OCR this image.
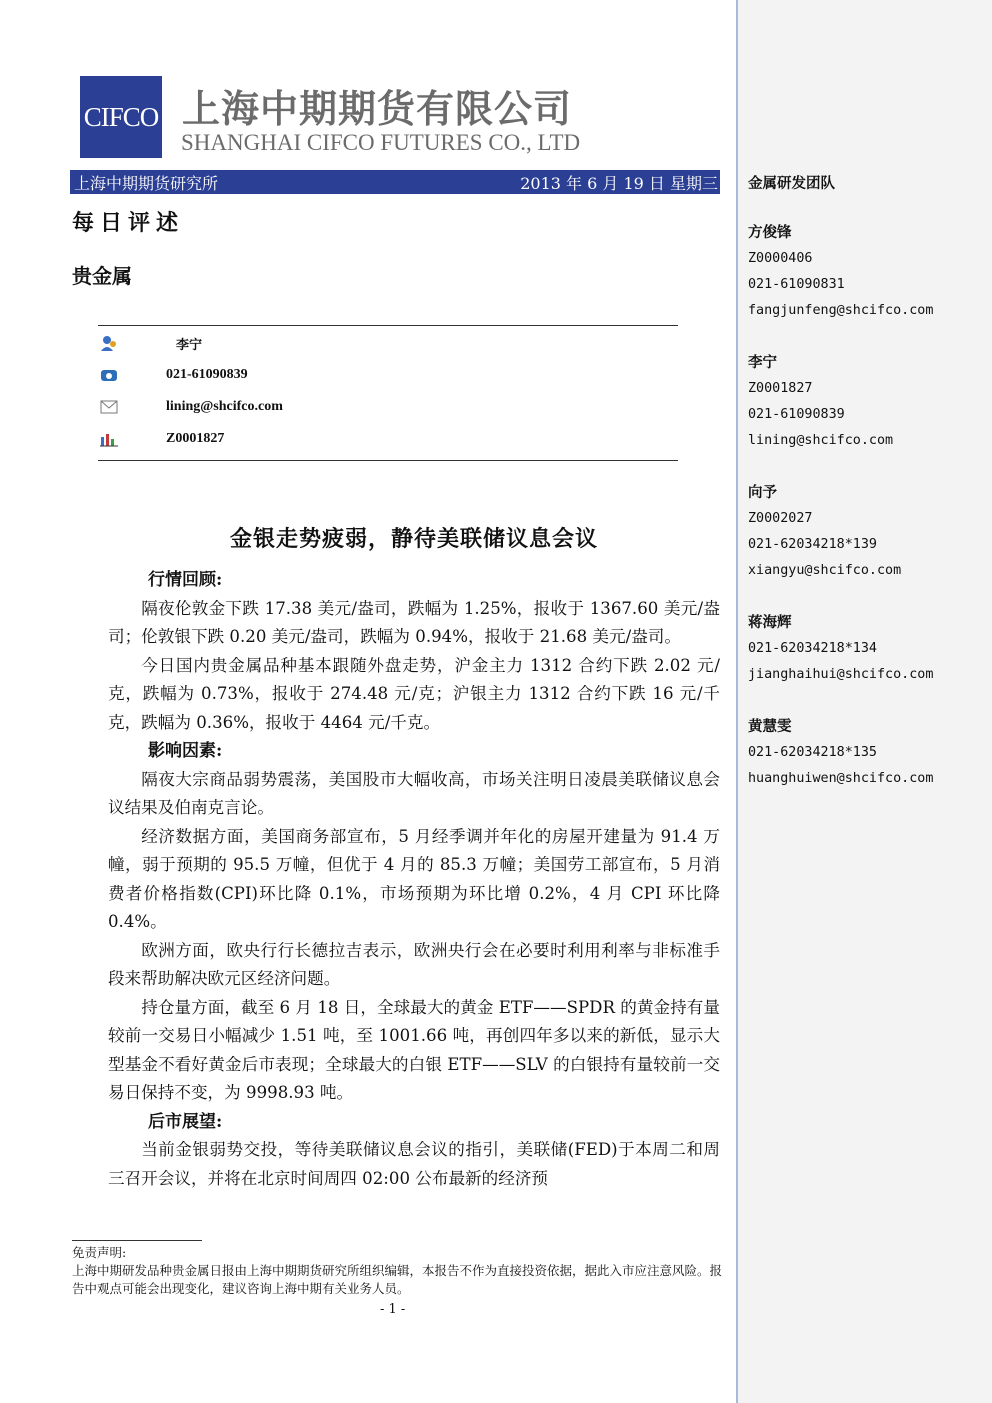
CIFCO 上海中期期货有限公司
SHANGHAI CIFCO FUTURES CO., LTD
上海中期期货研究所	2013 年 6 月 19 日 星期三
每日评述
贵金属
李宁
021-61090839
lining@shcifco.com
Z0001827
金银走势疲弱，静待美联储议息会议
行情回顾:

隔夜伦敦金下跌 17.38 美元/盎司，跌幅为 1.25%，报收于 1367.60 美元/盎司；伦敦银下跌 0.20 美元/盎司，跌幅为 0.94%，报收于 21.68 美元/盎司。

今日国内贵金属品种基本跟随外盘走势，沪金主力 1312 合约下跌 2.02 元/克，跌幅为 0.73%，报收于 274.48 元/克；沪银主力 1312 合约下跌 16 元/千克，跌幅为 0.36%，报收于 4464 元/千克。

影响因素:

隔夜大宗商品弱势震荡，美国股市大幅收高，市场关注明日凌晨美联储议息会议结果及伯南克言论。

经济数据方面，美国商务部宣布，5 月经季调并年化的房屋开建量为 91.4 万幢，弱于预期的 95.5 万幢，但优于 4 月的 85.3 万幢；美国劳工部宣布，5 月消费者价格指数(CPI)环比降 0.1%，市场预期为环比增 0.2%，4 月 CPI 环比降 0.4%。

欧洲方面，欧央行行长德拉吉表示，欧洲央行会在必要时利用利率与非标准手段来帮助解决欧元区经济问题。

持仓量方面，截至 6 月 18 日，全球最大的黄金 ETF——SPDR 的黄金持有量较前一交易日小幅减少 1.51 吨，至 1001.66 吨，再创四年多以来的新低，显示大型基金不看好黄金后市表现；全球最大的白银 ETF——SLV 的白银持有量较前一交易日保持不变，为 9998.93 吨。

后市展望:

当前金银弱势交投，等待美联储议息会议的指引，美联储(FED)于本周二和周三召开会议，并将在北京时间周四 02:00 公布最新的经济预

免责声明:
上海中期研发品种贵金属日报由上海中期期货研究所组织编辑，本报告不作为直接投资依据，据此入市应注意风险。报告中观点可能会出现变化，建议咨询上海中期有关业务人员。
- 1 -
金属研发团队
方俊锋
Z0000406
021-61090831
fangjunfeng@shcifco.com
李宁
Z0001827
021-61090839
lining@shcifco.com
向予
Z0002027
021-62034218*139
xiangyu@shcifco.com
蒋海辉
021-62034218*134
jianghaihui@shcifco.com
黄慧雯
021-62034218*135
huanghuiwen@shcifco.com
